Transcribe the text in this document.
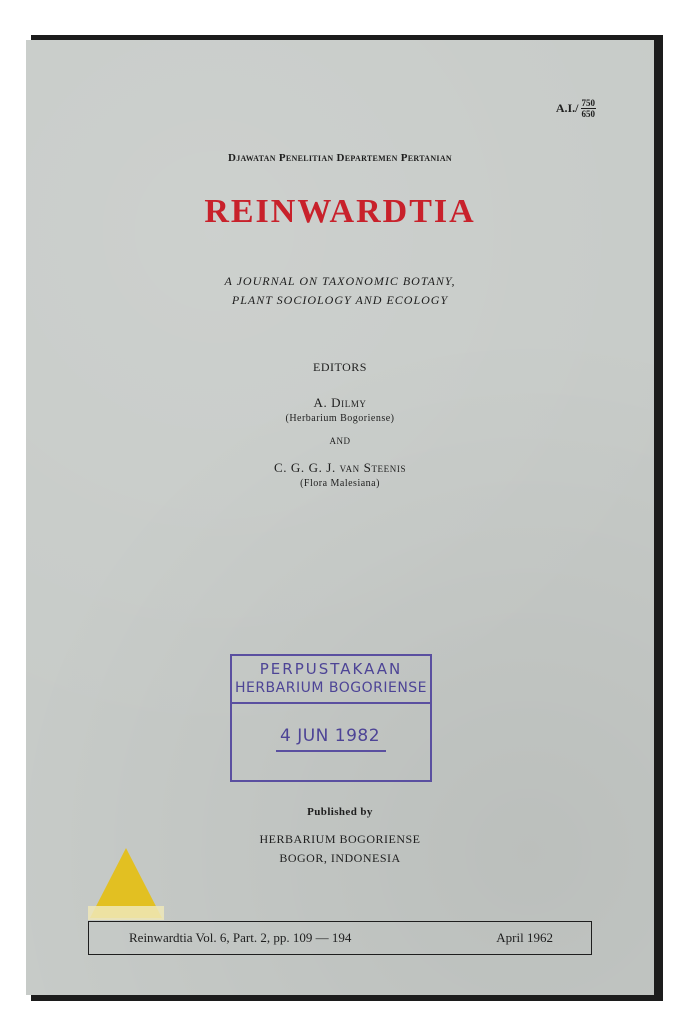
$A.I./ \frac{750}{650}$
Djawatan Penelitian Departemen Pertanian
REINWARDTIA
A JOURNAL ON TAXONOMIC BOTANY,
PLANT SOCIOLOGY AND ECOLOGY
EDITORS
A. Dilmy
(Herbarium Bogoriense)
AND
C. G. G. J. van Steenis
(Flora Malesiana)
PERPUSTAKAAN
HERBARIUM BOGORIENSE
4 JUN 1982
Published by
HERBARIUM BOGORIENSE
BOGOR, INDONESIA
Reinwardtia Vol. 6, Part. 2, pp. 109 — 194	April 1962
